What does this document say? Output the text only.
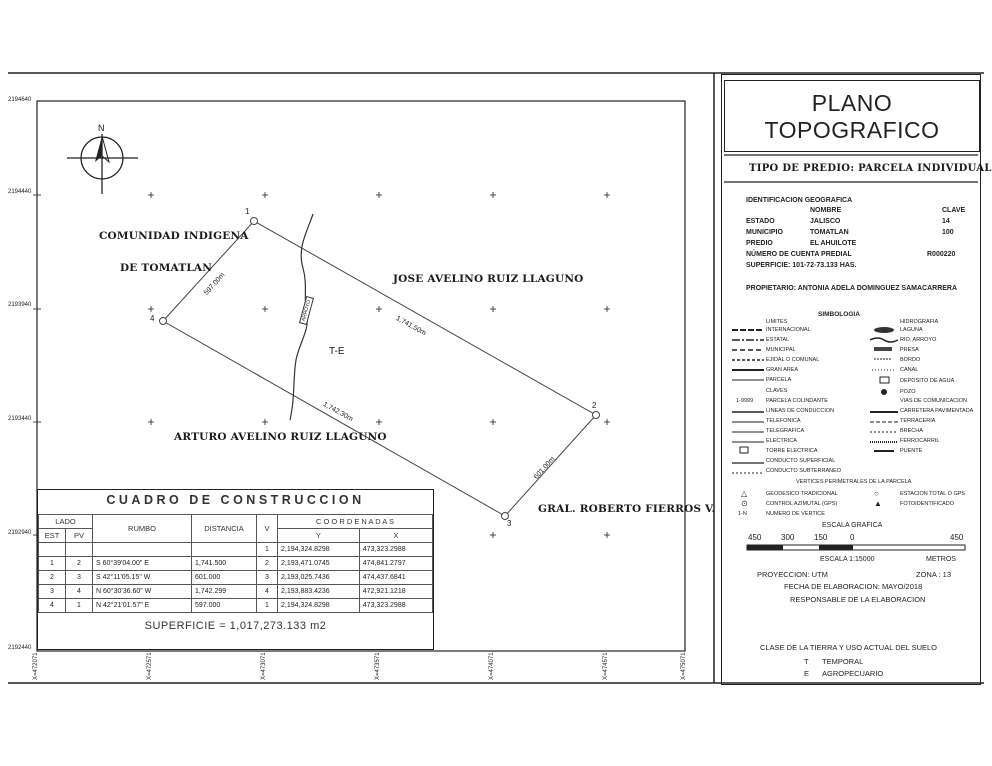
2194640
2194440
2193940
2193440
2192940
2192440
X=472071	X=472571	X=473071	X=473571	X=474071	X=474571	X=475071
N
COMUNIDAD INDIGENA
DE TOMATLAN
JOSE AVELINO RUIZ LLAGUNO
ARTURO AVELINO RUIZ LLAGUNO
GRAL. ROBERTO FIERROS V.
T-E
1
2
3
4	1,741.50m
601.00m
1,742.30m
597.00m
ARROYO
CUADRO DE CONSTRUCCION
LADO		RUMBO	DISTANCIA	V	C O O R D E N A D A S	
EST	PV				Y	X
				1	2,194,324.8298	473,323.2988
1	2	S 60°39'04.00" E	1,741.500	2	2,193,471.0745	474,841.2797
2	3	S 42°11'05.15" W	601.000	3	2,193,025.7436	474,437.6841
3	4	N 60°30'36.60" W	1,742.299	4	2,193,883.4236	472,921.1218
4	1	N 42°21'01.57" E	597.000	1	2,194,324.8298	473,323.2988
SUPERFICIE = 1,017,273.133 m2
PLANO
TOPOGRAFICO
TIPO DE PREDIO: PARCELA INDIVIDUAL
IDENTIFICACION GEOGRAFICA
NOMBRE	CLAVE
ESTADO	JALISCO	14
MUNICIPIO	TOMATLAN	100
PREDIO	EL AHUILOTE
NÚMERO DE CUENTA PREDIAL	R000220
SUPERFICIE: 101-72-73.133 HAS.
PROPIETARIO: ANTONIA ADELA DOMINGUEZ SAMACARRERA
SIMBOLOGIA
LIMITES
INTERNACIONAL
ESTATAL
MUNICIPAL
EJIDAL O COMUNAL
GRAN AREA
PARCELA
CLAVES
1-9999 PARCELA COLINDANTE
LINEAS DE CONDUCCION
TELEFONICA
TELEGRAFICA
ELECTRICA
TORRE ELECTRICA
CONDUCTO SUPERFICIAL
CONDUCTO SUBTERRANEO
HIDROGRAFIA
LAGUNA
RIO, ARROYO
PRESA
BORDO
CANAL
DEPOSITO DE AGUA
POZO
VIAS DE COMUNICACION
CARRETERA PAVIMENTADA
TERRACERIA
BRECHA
FERROCARRIL
PUENTE
VERTICES PERIMETRALES DE LA PARCELA
△	GEODESICO TRADICIONAL	○	ESTACION TOTAL O GPS
⊙	CONTROL AZIMUTAL (GPS)	▲	FOTOIDENTIFICADO
1-N	NUMERO DE VERTICE
ESCALA GRAFICA
450 300 150	0	450
ESCALA 1:15000	METROS
PROYECCION: UTM	ZONA : 13
FECHA DE ELABORACION: MAYO/2018
RESPONSABLE DE LA ELABORACION
CLASE DE LA TIERRA Y USO ACTUAL DEL SUELO
T TEMPORAL
E AGROPECUARIO
